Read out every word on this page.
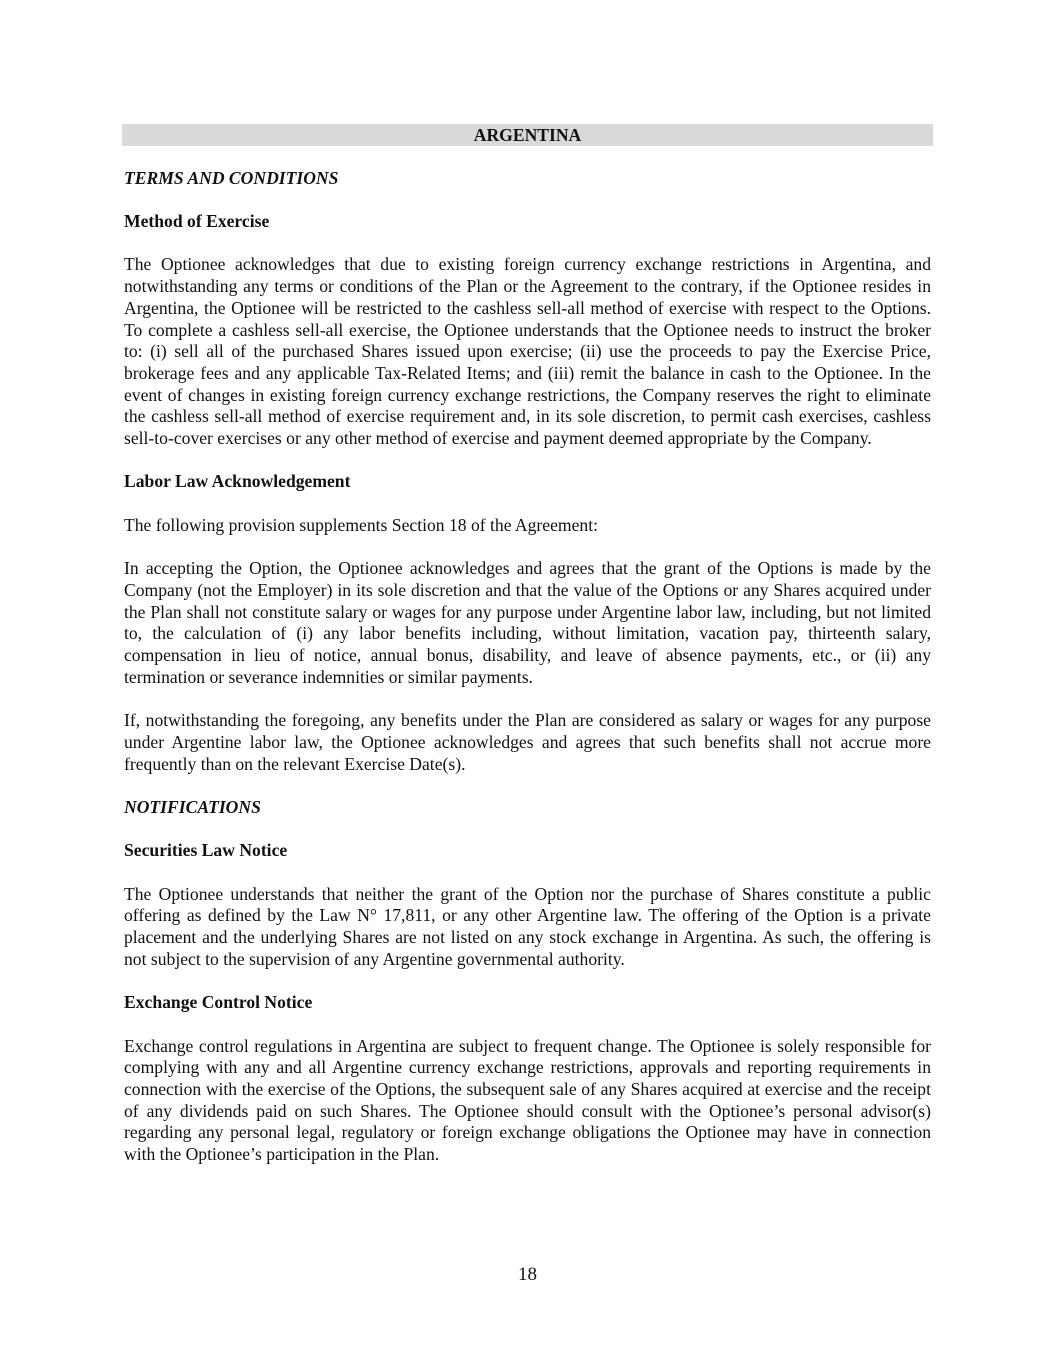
ARGENTINA
TERMS AND CONDITIONS
Method of Exercise

The Optionee acknowledges that due to existing foreign currency exchange restrictions in Argentina, and notwithstanding any terms or conditions of the Plan or the Agreement to the contrary, if the Optionee resides in Argentina, the Optionee will be restricted to the cashless sell-all method of exercise with respect to the Options. To complete a cashless sell-all exercise, the Optionee understands that the Optionee needs to instruct the broker to: (i) sell all of the purchased Shares issued upon exercise; (ii) use the proceeds to pay the Exercise Price, brokerage fees and any applicable Tax-Related Items; and (iii) remit the balance in cash to the Optionee. In the event of changes in existing foreign currency exchange restrictions, the Company reserves the right to eliminate the cashless sell-all method of exercise requirement and, in its sole discretion, to permit cash exercises, cashless sell-to-cover exercises or any other method of exercise and payment deemed appropriate by the Company.

Labor Law Acknowledgement

The following provision supplements Section 18 of the Agreement:

In accepting the Option, the Optionee acknowledges and agrees that the grant of the Options is made by the Company (not the Employer) in its sole discretion and that the value of the Options or any Shares acquired under the Plan shall not constitute salary or wages for any purpose under Argentine labor law, including, but not limited to, the calculation of (i) any labor benefits including, without limitation, vacation pay, thirteenth salary, compensation in lieu of notice, annual bonus, disability, and leave of absence payments, etc., or (ii) any termination or severance indemnities or similar payments.

If, notwithstanding the foregoing, any benefits under the Plan are considered as salary or wages for any purpose under Argentine labor law, the Optionee acknowledges and agrees that such benefits shall not accrue more frequently than on the relevant Exercise Date(s).

NOTIFICATIONS
Securities Law Notice

The Optionee understands that neither the grant of the Option nor the purchase of Shares constitute a public offering as defined by the Law N° 17,811, or any other Argentine law. The offering of the Option is a private placement and the underlying Shares are not listed on any stock exchange in Argentina. As such, the offering is not subject to the supervision of any Argentine governmental authority.

Exchange Control Notice

Exchange control regulations in Argentina are subject to frequent change. The Optionee is solely responsible for complying with any and all Argentine currency exchange restrictions, approvals and reporting requirements in connection with the exercise of the Options, the subsequent sale of any Shares acquired at exercise and the receipt of any dividends paid on such Shares. The Optionee should consult with the Optionee’s personal advisor(s) regarding any personal legal, regulatory or foreign exchange obligations the Optionee may have in connection with the Optionee’s participation in the Plan.

18
